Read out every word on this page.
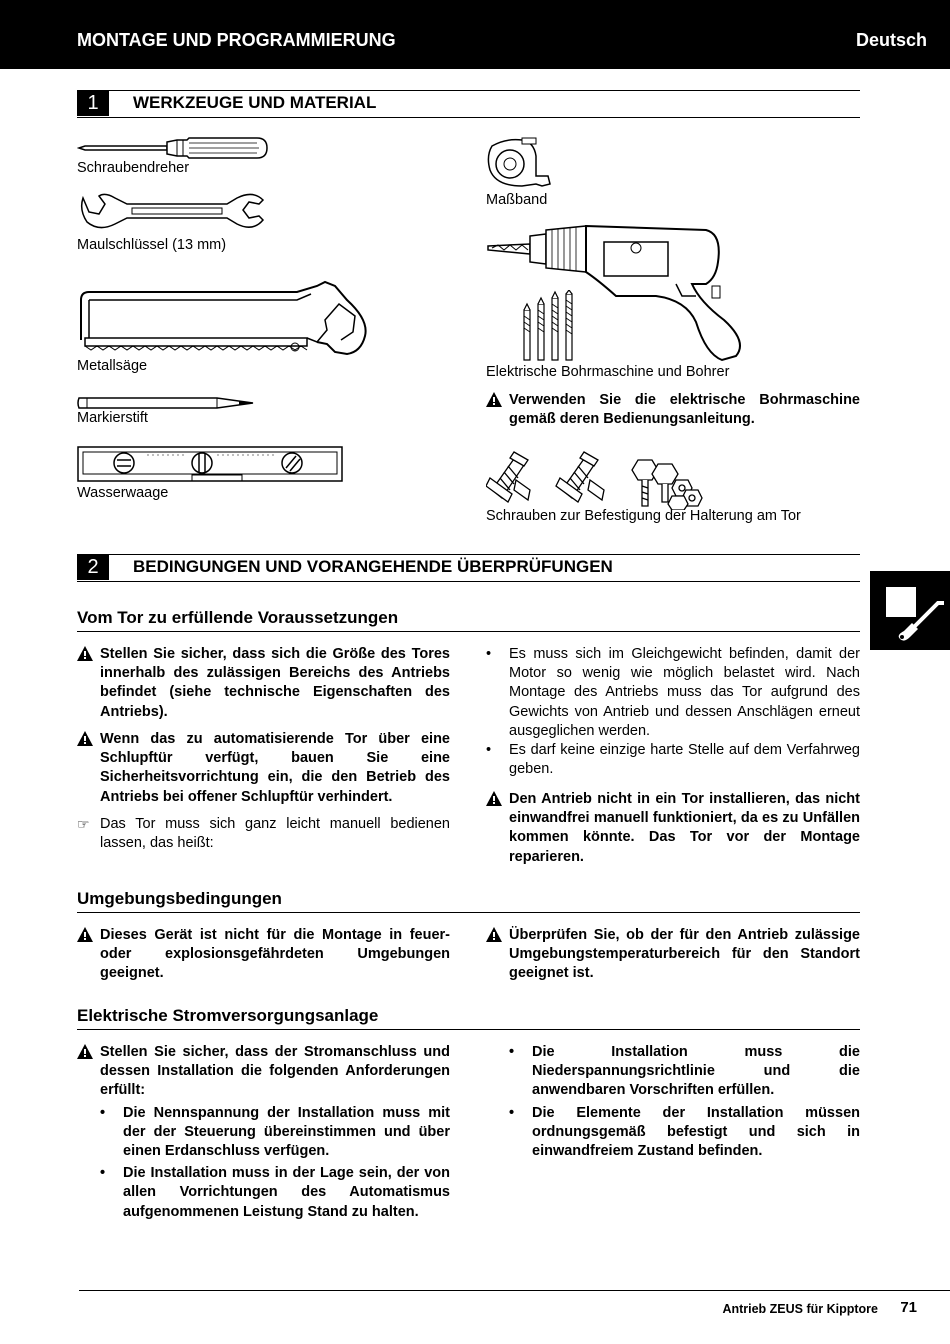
MONTAGE UND PROGRAMMIERUNG	Deutsch
1	WERKZEUGE UND MATERIAL
Schraubendreher
Maulschlüssel (13 mm)
Metallsäge
Markierstift
Wasserwaage
Maßband
Elektrische Bohrmaschine und Bohrer
Verwenden Sie die elektrische Bohrmaschine gemäß deren Bedienungsanleitung.
Schrauben zur Befestigung der Halterung am Tor
2	BEDINGUNGEN UND VORANGEHENDE ÜBERPRÜFUNGEN
Vom Tor zu erfüllende Voraussetzungen
Stellen Sie sicher, dass sich die Größe des Tores innerhalb des zulässigen Bereichs des Antriebs befindet (siehe technische Eigenschaften des Antriebs).
Wenn das zu automatisierende Tor über eine Schlupftür verfügt, bauen Sie eine Sicherheitsvorrichtung ein, die den Betrieb des Antriebs bei offener Schlupftür verhindert.
☞ Das Tor muss sich ganz leicht manuell bedienen lassen, das heißt:
• Es muss sich im Gleichgewicht befinden, damit der Motor so wenig wie möglich belastet wird. Nach Montage des Antriebs muss das Tor aufgrund des Gewichts von Antrieb und dessen Anschlägen erneut ausgeglichen werden.
• Es darf keine einzige harte Stelle auf dem Verfahrweg geben.
Den Antrieb nicht in ein Tor installieren, das nicht einwandfrei manuell funktioniert, da es zu Unfällen kommen könnte. Das Tor vor der Montage reparieren.
Umgebungsbedingungen
Dieses Gerät ist nicht für die Montage in feuer- oder explosionsgefährdeten Umgebungen geeignet.
Überprüfen Sie, ob der für den Antrieb zulässige Umgebungstemperaturbereich für den Standort geeignet ist.
Elektrische Stromversorgungsanlage
Stellen Sie sicher, dass der Stromanschluss und dessen Installation die folgenden Anforderungen erfüllt:
• Die Nennspannung der Installation muss mit der der Steuerung übereinstimmen und über einen Erdanschluss verfügen.
• Die Installation muss in der Lage sein, der von allen Vorrichtungen des Automatismus aufgenommenen Leistung Stand zu halten.
• Die Installation muss die Niederspannungsrichtlinie und die anwendbaren Vorschriften erfüllen.
• Die Elemente der Installation müssen ordnungsgemäß befestigt und sich in einwandfreiem Zustand befinden.
Antrieb ZEUS für Kipptore 71
